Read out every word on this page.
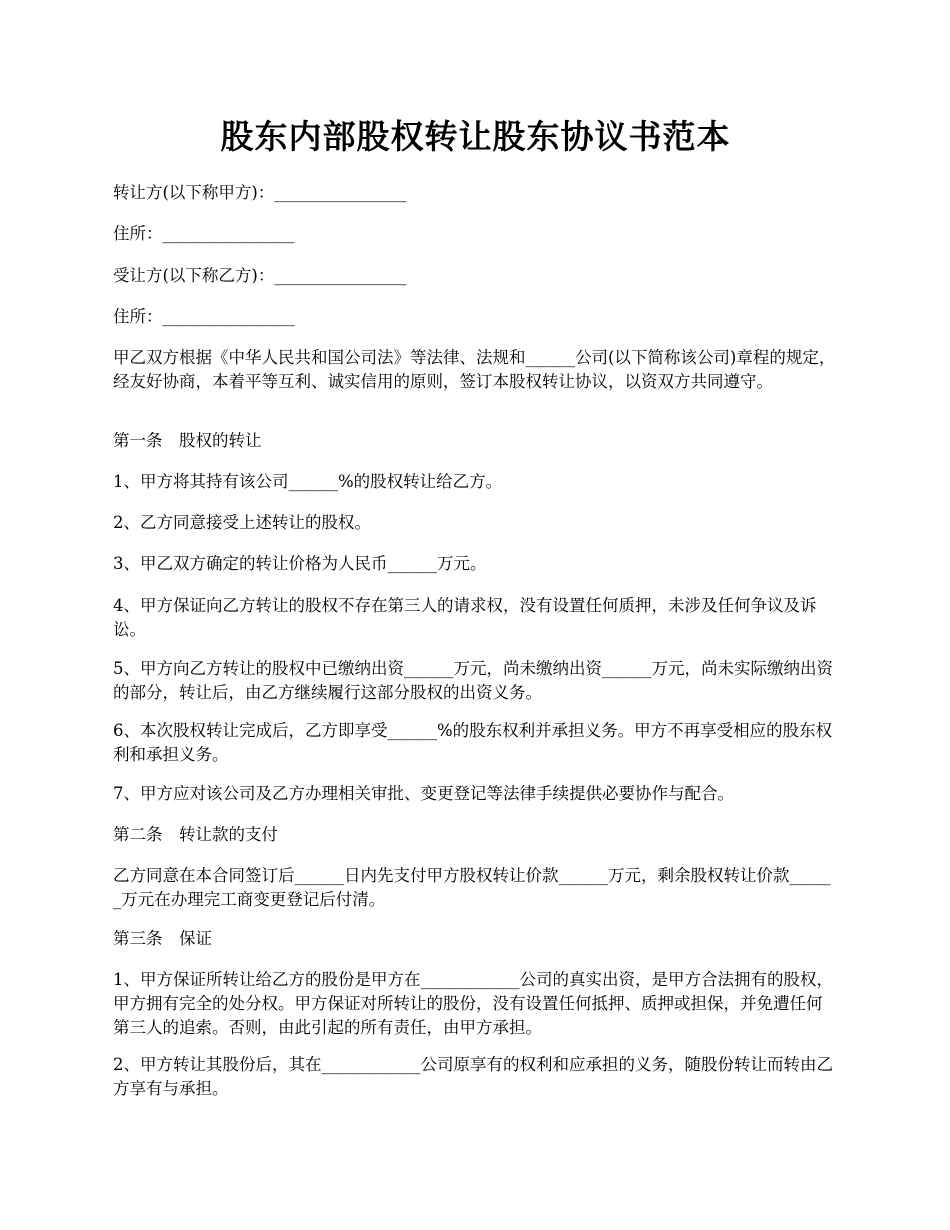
股东内部股权转让股东协议书范本

转让方(以下称甲方)：________________

住所：________________

受让方(以下称乙方)：________________

住所：________________

甲乙双方根据《中华人民共和国公司法》等法律、法规和______公司(以下简称该公司)章程的规定，经友好协商，本着平等互利、诚实信用的原则，签订本股权转让协议，以资双方共同遵守。

第一条　股权的转让

1、甲方将其持有该公司______%的股权转让给乙方。

2、乙方同意接受上述转让的股权。

3、甲乙双方确定的转让价格为人民币______万元。

4、甲方保证向乙方转让的股权不存在第三人的请求权，没有设置任何质押，未涉及任何争议及诉讼。

5、甲方向乙方转让的股权中已缴纳出资______万元，尚未缴纳出资______万元，尚未实际缴纳出资的部分，转让后，由乙方继续履行这部分股权的出资义务。

6、本次股权转让完成后，乙方即享受______%的股东权利并承担义务。甲方不再享受相应的股东权利和承担义务。

7、甲方应对该公司及乙方办理相关审批、变更登记等法律手续提供必要协作与配合。

第二条　转让款的支付

乙方同意在本合同签订后______日内先支付甲方股权转让价款______万元，剩余股权转让价款______万元在办理完工商变更登记后付清。

第三条　保证

1、甲方保证所转让给乙方的股份是甲方在____________公司的真实出资，是甲方合法拥有的股权，甲方拥有完全的处分权。甲方保证对所转让的股份，没有设置任何抵押、质押或担保，并免遭任何第三人的追索。否则，由此引起的所有责任，由甲方承担。

2、甲方转让其股份后，其在____________公司原享有的权利和应承担的义务，随股份转让而转由乙方享有与承担。
